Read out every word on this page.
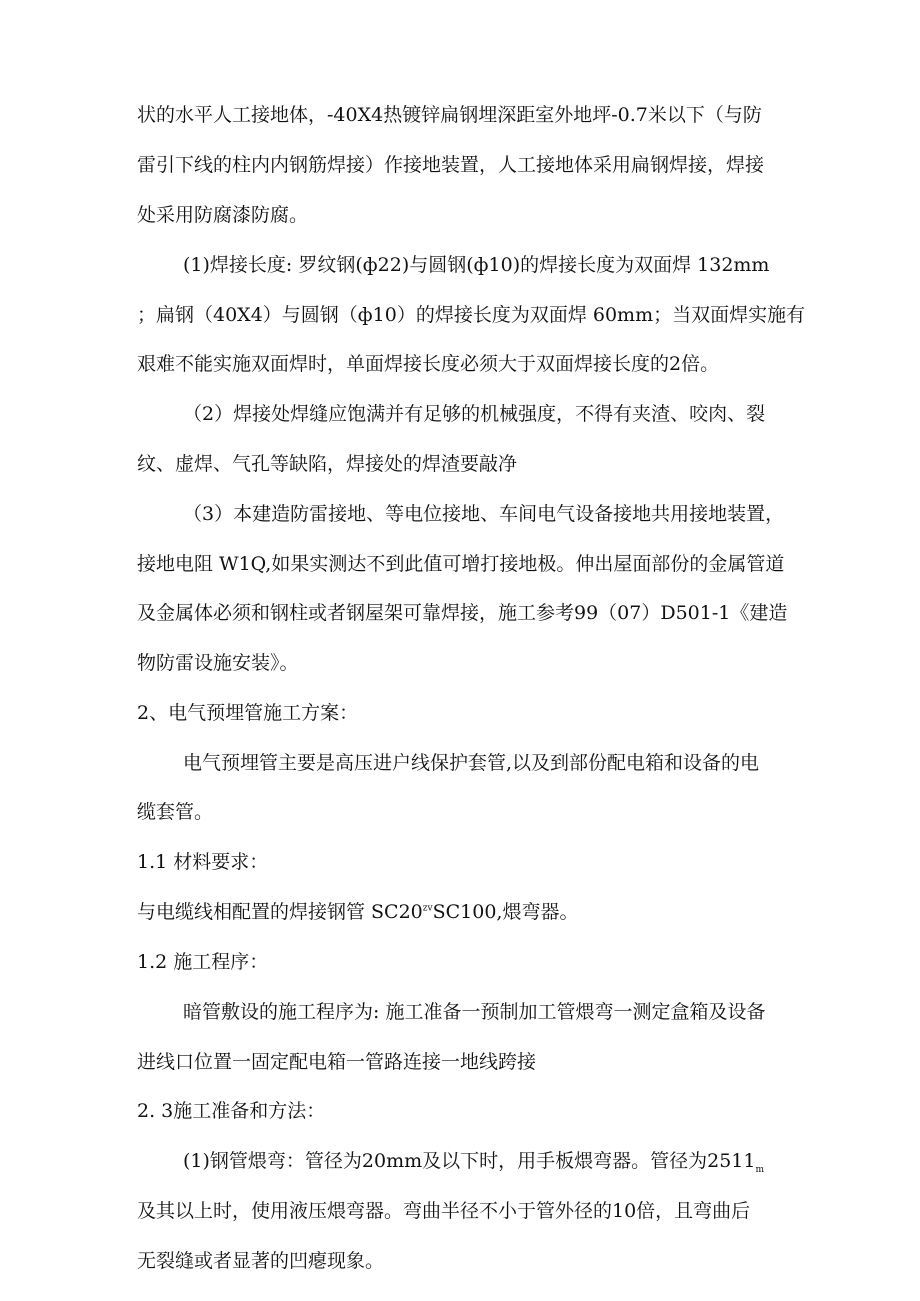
状的水平人工接地体，-40X4热镀锌扁钢埋深距室外地坪-0.7米以下（与防
雷引下线的柱内内钢筋焊接）作接地装置，人工接地体采用扁钢焊接，焊接
处采用防腐漆防腐。
(1)焊接长度: 罗纹钢(ф22)与圆钢(ф10)的焊接长度为双面焊 132mm
；扁钢（40X4）与圆钢（ф10）的焊接长度为双面焊 60mm；当双面焊实施有
艰难不能实施双面焊时，单面焊接长度必须大于双面焊接长度的2倍。
（2）焊接处焊缝应饱满并有足够的机械强度，不得有夹渣、咬肉、裂
纹、虚焊、气孔等缺陷，焊接处的焊渣要敲净
（3）本建造防雷接地、等电位接地、车间电气设备接地共用接地装置，
接地电阻 W1Q,如果实测达不到此值可增打接地极。伸出屋面部份的金属管道
及金属体必须和钢柱或者钢屋架可靠焊接，施工参考99（07）D501-1《建造
物防雷设施安装》。
2、电气预埋管施工方案：
电气预埋管主要是高压进户线保护套管,以及到部份配电箱和设备的电
缆套管。
1.1 材料要求：
与电缆线相配置的焊接钢管 $SC20^{zv}SC100$,煨弯器。
1.2 施工程序：
暗管敷设的施工程序为: 施工准备一预制加工管煨弯一测定盒箱及设备
进线口位置一固定配电箱一管路连接一地线跨接
2. 3施工准备和方法：
(1)钢管煨弯：管径为20mm及以下时，用手板煨弯器。管径为$2511_m$
及其以上时，使用液压煨弯器。弯曲半径不小于管外径的10倍，且弯曲后
无裂缝或者显著的凹瘪现象。
